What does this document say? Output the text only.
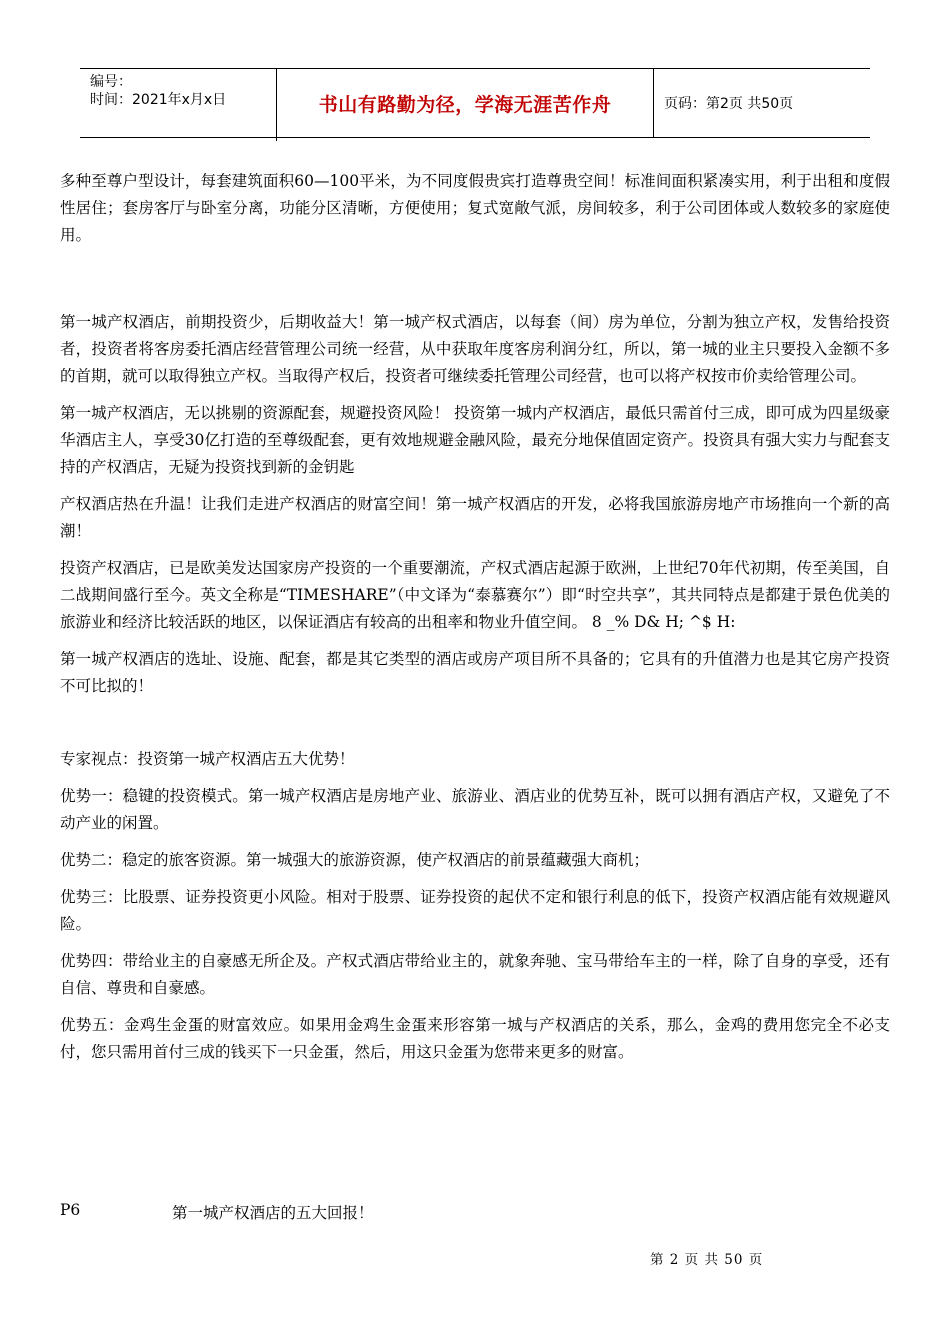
编号：
时间：2021年x月x日	书山有路勤为径，学海无涯苦作舟	页码：第2页 共50页

多种至尊户型设计，每套建筑面积60—100平米，为不同度假贵宾打造尊贵空间！标准间面积紧凑实用，利于出租和度假性居住；套房客厅与卧室分离，功能分区清晰，方便使用；复式宽敞气派，房间较多，利于公司团体或人数较多的家庭使用。

第一城产权酒店，前期投资少，后期收益大！第一城产权式酒店，以每套（间）房为单位，分割为独立产权，发售给投资者，投资者将客房委托酒店经营管理公司统一经营，从中获取年度客房利润分红，所以，第一城的业主只要投入金额不多的首期，就可以取得独立产权。当取得产权后，投资者可继续委托管理公司经营，也可以将产权按市价卖给管理公司。

第一城产权酒店，无以挑剔的资源配套，规避投资风险！ 投资第一城内产权酒店，最低只需首付三成，即可成为四星级豪华酒店主人，享受30亿打造的至尊级配套，更有效地规避金融风险，最充分地保值固定资产。投资具有强大实力与配套支持的产权酒店，无疑为投资找到新的金钥匙

产权酒店热在升温！让我们走进产权酒店的财富空间！第一城产权酒店的开发，必将我国旅游房地产市场推向一个新的高潮！

投资产权酒店，已是欧美发达国家房产投资的一个重要潮流，产权式酒店起源于欧洲，上世纪70年代初期，传至美国，自二战期间盛行至今。英文全称是“TIMESHARE”（中文译为“泰慕赛尔”）即“时空共享”，其共同特点是都建于景色优美的旅游业和经济比较活跃的地区，以保证酒店有较高的出租率和物业升值空间。 8 _% D& H; ^$ H:

第一城产权酒店的选址、设施、配套，都是其它类型的酒店或房产项目所不具备的；它具有的升值潜力也是其它房产投资不可比拟的！

专家视点：投资第一城产权酒店五大优势！

优势一：稳键的投资模式。第一城产权酒店是房地产业、旅游业、酒店业的优势互补，既可以拥有酒店产权，又避免了不动产业的闲置。

优势二：稳定的旅客资源。第一城强大的旅游资源，使产权酒店的前景蕴藏强大商机；

优势三：比股票、证券投资更小风险。相对于股票、证券投资的起伏不定和银行利息的低下，投资产权酒店能有效规避风险。

优势四：带给业主的自豪感无所企及。产权式酒店带给业主的，就象奔驰、宝马带给车主的一样，除了自身的享受，还有自信、尊贵和自豪感。

优势五：金鸡生金蛋的财富效应。如果用金鸡生金蛋来形容第一城与产权酒店的关系，那么，金鸡的费用您完全不必支付，您只需用首付三成的钱买下一只金蛋，然后，用这只金蛋为您带来更多的财富。

P6	第一城产权酒店的五大回报！
第 2 页 共 50 页
